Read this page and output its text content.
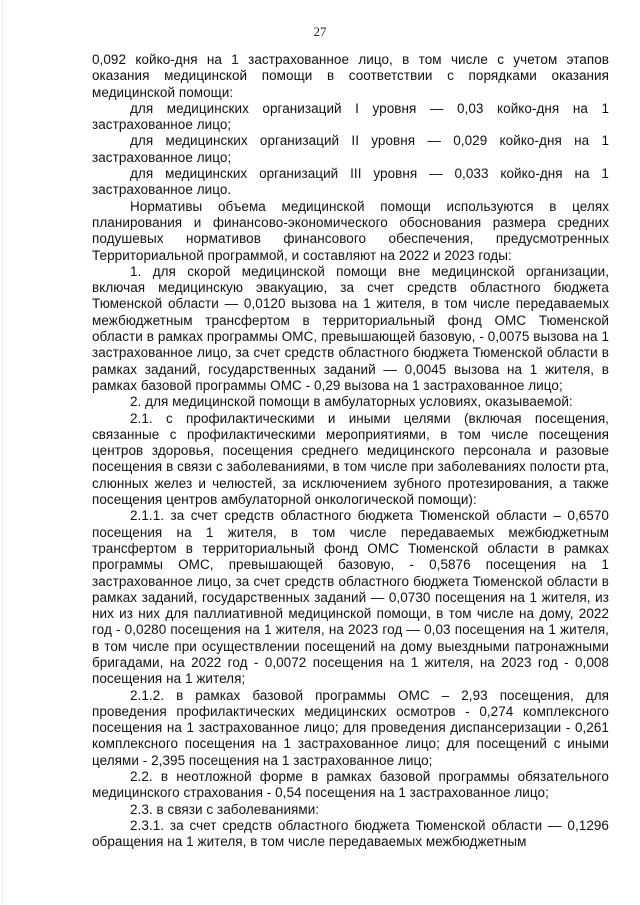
27

0,092 койко-дня на 1 застрахованное лицо, в том числе с учетом этапов оказания медицинской помощи в соответствии с порядками оказания медицинской помощи:

для медицинских организаций I уровня — 0,03 койко-дня на 1 застрахованное лицо;

для медицинских организаций II уровня — 0,029 койко-дня на 1 застрахованное лицо;

для медицинских организаций III уровня — 0,033 койко-дня на 1 застрахованное лицо.

Нормативы объема медицинской помощи используются в целях планирования и финансово-экономического обоснования размера средних подушевых нормативов финансового обеспечения, предусмотренных Территориальной программой, и составляют на 2022 и 2023 годы:

1. для скорой медицинской помощи вне медицинской организации, включая медицинскую эвакуацию, за счет средств областного бюджета Тюменской области — 0,0120 вызова на 1 жителя, в том числе передаваемых межбюджетным трансфертом в территориальный фонд ОМС Тюменской области в рамках программы ОМС, превышающей базовую, - 0,0075 вызова на 1 застрахованное лицо, за счет средств областного бюджета Тюменской области в рамках заданий, государственных заданий — 0,0045 вызова на 1 жителя, в рамках базовой программы ОМС - 0,29 вызова на 1 застрахованное лицо;

2. для медицинской помощи в амбулаторных условиях, оказываемой:

2.1. с профилактическими и иными целями (включая посещения, связанные с профилактическими мероприятиями, в том числе посещения центров здоровья, посещения среднего медицинского персонала и разовые посещения в связи с заболеваниями, в том числе при заболеваниях полости рта, слюнных желез и челюстей, за исключением зубного протезирования, а также посещения центров амбулаторной онкологической помощи):

2.1.1. за счет средств областного бюджета Тюменской области – 0,6570 посещения на 1 жителя, в том числе передаваемых межбюджетным трансфертом в территориальный фонд ОМС Тюменской области в рамках программы ОМС, превышающей базовую, - 0,5876 посещения на 1 застрахованное лицо, за счет средств областного бюджета Тюменской области в рамках заданий, государственных заданий — 0,0730 посещения на 1 жителя, из них из них для паллиативной медицинской помощи, в том числе на дому, 2022 год - 0,0280 посещения на 1 жителя, на 2023 год — 0,03 посещения на 1 жителя, в том числе при осуществлении посещений на дому выездными патронажными бригадами, на 2022 год - 0,0072 посещения на 1 жителя, на 2023 год - 0,008 посещения на 1 жителя;

2.1.2. в рамках базовой программы ОМС – 2,93 посещения, для проведения профилактических медицинских осмотров - 0,274 комплексного посещения на 1 застрахованное лицо; для проведения диспансеризации - 0,261 комплексного посещения на 1 застрахованное лицо; для посещений с иными целями - 2,395 посещения на 1 застрахованное лицо;

2.2. в неотложной форме в рамках базовой программы обязательного медицинского страхования - 0,54 посещения на 1 застрахованное лицо;

2.3. в связи с заболеваниями:

2.3.1. за счет средств областного бюджета Тюменской области — 0,1296 обращения на 1 жителя, в том числе передаваемых межбюджетным
